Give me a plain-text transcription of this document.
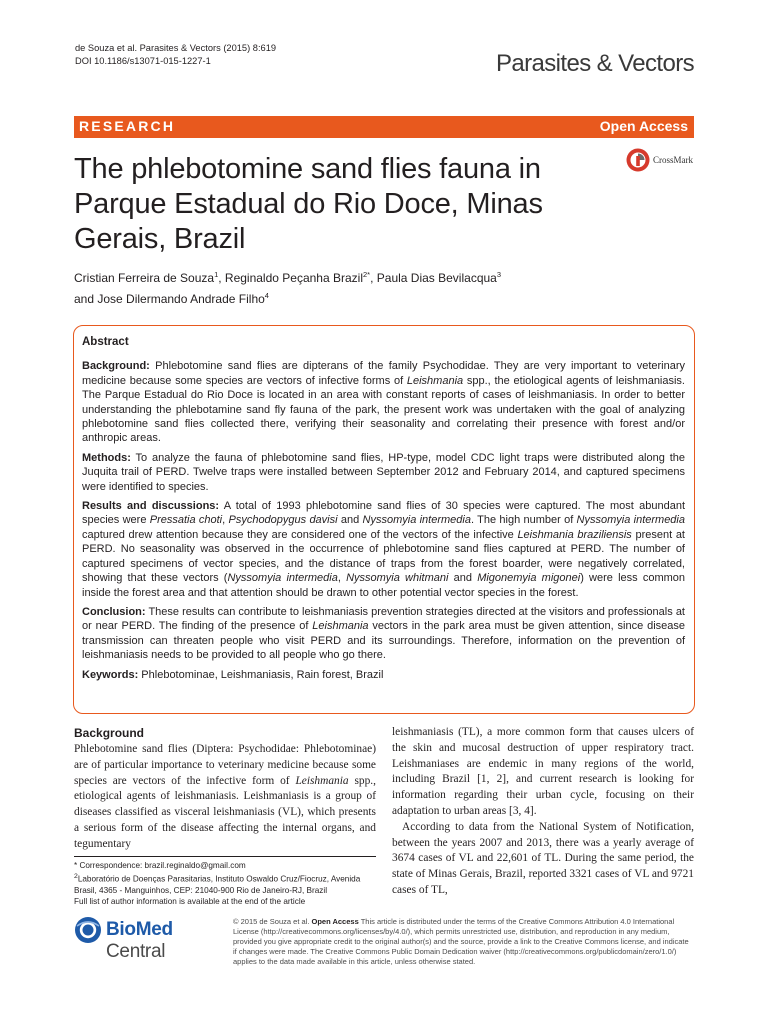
de Souza et al. Parasites & Vectors (2015) 8:619
DOI 10.1186/s13071-015-1227-1	Parasites & Vectors
RESEARCH	Open Access
The phlebotomine sand flies fauna in Parque Estadual do Rio Doce, Minas Gerais, Brazil
CrossMark
Cristian Ferreira de Souza$^1$, Reginaldo Peçanha Brazil$^{2*}$, Paula Dias Bevilacqua$^3$
and Jose Dilermando Andrade Filho$^4$
Abstract

Background: Phlebotomine sand flies are dipterans of the family Psychodidae. They are very important to veterinary medicine because some species are vectors of infective forms of Leishmania spp., the etiological agents of leishmaniasis. The Parque Estadual do Rio Doce is located in an area with constant reports of cases of leishmaniasis. In order to better understanding the phlebotamine sand fly fauna of the park, the present work was undertaken with the goal of analyzing phlebotomine sand flies collected there, verifying their seasonality and correlating their presence with forest and/or anthropic areas.

Methods: To analyze the fauna of phlebotomine sand flies, HP-type, model CDC light traps were distributed along the Juquita trail of PERD. Twelve traps were installed between September 2012 and February 2014, and captured specimens were identified to species.

Results and discussions: A total of 1993 phlebotomine sand flies of 30 species were captured. The most abundant species were Pressatia choti, Psychodopygus davisi and Nyssomyia intermedia. The high number of Nyssomyia intermedia captured drew attention because they are considered one of the vectors of the infective Leishmania braziliensis present at PERD. No seasonality was observed in the occurrence of phlebotomine sand flies captured at PERD. The number of captured specimens of vector species, and the distance of traps from the forest boarder, were negatively correlated, showing that these vectors (Nyssomyia intermedia, Nyssomyia whitmani and Migonemyia migonei) were less common inside the forest area and that attention should be drawn to other potential vector species in the forest.

Conclusion: These results can contribute to leishmaniasis prevention strategies directed at the visitors and professionals at or near PERD. The finding of the presence of Leishmania vectors in the park area must be given attention, since disease transmission can threaten people who visit PERD and its surroundings. Therefore, information on the prevention of leishmaniasis needs to be provided to all people who go there.

Keywords: Phlebotominae, Leishmaniasis, Rain forest, Brazil

Background

Phlebotomine sand flies (Diptera: Psychodidae: Phlebotominae) are of particular importance to veterinary medicine because some species are vectors of the infective form of Leishmania spp., etiological agents of leishmaniasis. Leishmaniasis is a group of diseases classified as visceral leishmaniasis (VL), which presents a serious form of the disease affecting the internal organs, and tegumentary

leishmaniasis (TL), a more common form that causes ulcers of the skin and mucosal destruction of upper respiratory tract. Leishmaniases are endemic in many regions of the world, including Brazil [1, 2], and current research is looking for information regarding their urban cycle, focusing on their adaptation to urban areas [3, 4].

According to data from the National System of Notification, between the years 2007 and 2013, there was a yearly average of 3674 cases of VL and 22,601 of TL. During the same period, the state of Minas Gerais, Brazil, reported 3321 cases of VL and 9721 cases of TL,

* Correspondence: brazil.reginaldo@gmail.com
$^2$Laboratório de Doenças Parasitarias, Instituto Oswaldo Cruz/Fiocruz, Avenida Brasil, 4365 - Manguinhos, CEP: 21040-900 Rio de Janeiro-RJ, Brazil
Full list of author information is available at the end of the article
BioMed Central
© 2015 de Souza et al. Open Access This article is distributed under the terms of the Creative Commons Attribution 4.0 International License (http://creativecommons.org/licenses/by/4.0/), which permits unrestricted use, distribution, and reproduction in any medium, provided you give appropriate credit to the original author(s) and the source, provide a link to the Creative Commons license, and indicate if changes were made. The Creative Commons Public Domain Dedication waiver (http://creativecommons.org/publicdomain/zero/1.0/) applies to the data made available in this article, unless otherwise stated.
